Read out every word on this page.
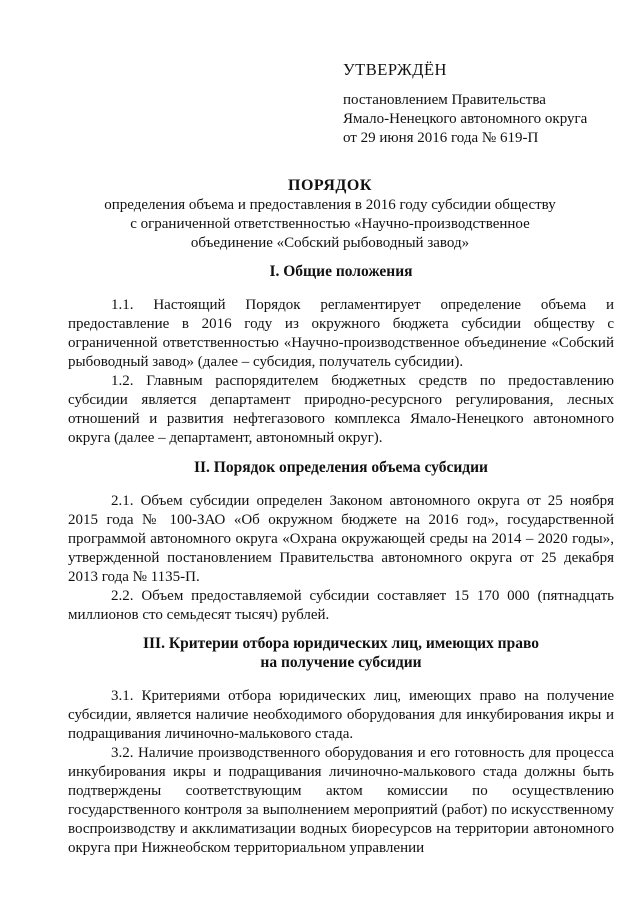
УТВЕРЖДЁН
постановлением Правительства
Ямало-Ненецкого автономного округа
от 29 июня 2016 года № 619-П
ПОРЯДОК
определения объема и предоставления в 2016 году субсидии обществу
с ограниченной ответственностью «Научно-производственное
объединение «Собский рыбоводный завод»
I. Общие положения

1.1. Настоящий Порядок регламентирует определение объема и предоставление в 2016 году из окружного бюджета субсидии обществу с ограниченной ответственностью «Научно-производственное объединение «Собский рыбоводный завод» (далее – субсидия, получатель субсидии).

1.2. Главным распорядителем бюджетных средств по предоставлению субсидии является департамент природно-ресурсного регулирования, лесных отношений и развития нефтегазового комплекса Ямало-Ненецкого автономного округа (далее – департамент, автономный округ).

II. Порядок определения объема субсидии

2.1. Объем субсидии определен Законом автономного округа от 25 ноября 2015 года № 100-ЗАО «Об окружном бюджете на 2016 год», государственной программой автономного округа «Охрана окружающей среды на 2014 – 2020 годы», утвержденной постановлением Правительства автономного округа от 25 декабря 2013 года № 1135-П.

2.2. Объем предоставляемой субсидии составляет 15 170 000 (пятнадцать миллионов сто семьдесят тысяч) рублей.

III. Критерии отбора юридических лиц, имеющих право
на получение субсидии

3.1. Критериями отбора юридических лиц, имеющих право на получение субсидии, является наличие необходимого оборудования для инкубирования икры и подращивания личиночно-малькового стада.

3.2. Наличие производственного оборудования и его готовность для процесса инкубирования икры и подращивания личиночно-малькового стада должны быть подтверждены соответствующим актом комиссии по осуществлению государственного контроля за выполнением мероприятий (работ) по искусственному воспроизводству и акклиматизации водных биоресурсов на территории автономного округа при Нижнеобском территориальном управлении
